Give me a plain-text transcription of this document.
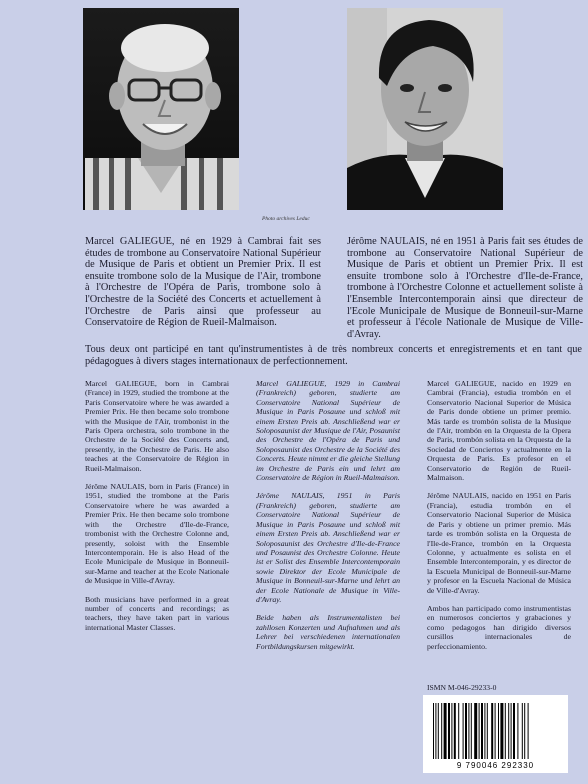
Photo archives Leduc
Marcel GALIEGUE, né en 1929 à Cambrai fait ses études de trombone au Conservatoire National Supérieur de Musique de Paris et obtient un Premier Prix. Il est ensuite trombone solo de la Musique de l'Air, trombone à l'Orchestre de l'Opéra de Paris, trombone solo à l'Orchestre de la Société des Concerts et actuellement à l'Orchestre de Paris ainsi que professeur au Conservatoire de Région de Rueil-Malmaison.
Jérôme NAULAIS, né en 1951 à Paris fait ses études de trombone au Conservatoire National Supérieur de Musique de Paris et obtient un Premier Prix. Il est ensuite trombone solo à l'Orchestre d'Ile-de-France, trombone à l'Orchestre Colonne et actuellement soliste à l'Ensemble Intercontemporain ainsi que directeur de l'Ecole Municipale de Musique de Bonneuil-sur-Marne et professeur à l'école Nationale de Musique de Ville-d'Avray.
Tous deux ont participé en tant qu'instrumentistes à de très nombreux concerts et enregistrements et en tant que pédagogues à divers stages internationaux de perfectionnement.

Marcel GALIEGUE, born in Cambrai (France) in 1929, studied the trombone at the Paris Conservatoire where he was awarded a Premier Prix. He then became solo trombone with the Musique de l'Air, trombonist in the Paris Opera orchestra, solo trombone in the Orchestre de la Société des Concerts and, presently, in the Orchestre de Paris. He also teaches at the Conservatoire de Région in Rueil-Malmaison.

Jérôme NAULAIS, born in Paris (France) in 1951, studied the trombone at the Paris Conservatoire where he was awarded a Premier Prix. He then became solo trombone with the Orchestre d'Ile-de-France, trombonist with the Orchestre Colonne and, presently, soloist with the Ensemble Intercontemporain. He is also Head of the Ecole Municipale de Musique in Bonneuil-sur-Marne and teacher at the Ecole Nationale de Musique in Ville-d'Avray.

Both musicians have performed in a great number of concerts and recordings; as teachers, they have taken part in various international Master Classes.

Marcel GALIEGUE, 1929 in Cambrai (Frankreich) geboren, studierte am Conservatoire National Supérieur de Musique in Paris Posaune und schloß mit einem Ersten Preis ab. Anschließend war er Soloposaunist der Musique de l'Air, Posaunist des Orchestre de l'Opéra de Paris und Soloposaunist des Orchestre de la Société des Concerts. Heute nimmt er die gleiche Stellung im Orchestre de Paris ein und lehrt am Conservatoire de Région in Rueil-Malmaison.

Jérôme NAULAIS, 1951 in Paris (Frankreich) geboren, studierte am Conservatoire National Supérieur de Musique in Paris Posaune und schloß mit einem Ersten Preis ab. Anschließend war er Soloposaunist des Orchestre d'Ile-de-France und Posaunist des Orchestre Colonne. Heute ist er Solist des Ensemble Intercontemporain sowie Direktor der Ecole Municipale de Musique in Bonneuil-sur-Marne und lehrt an der Ecole Nationale de Musique in Ville-d'Avray.

Beide haben als Instrumentalisten bei zahllosen Konzerten und Aufnahmen und als Lehrer bei verschiedenen internationalen Fortbildungskursen mitgewirkt.

Marcel GALIEGUE, nacido en 1929 en Cambrai (Francia), estudia trombón en el Conservatorio Nacional Superior de Música de Paris donde obtiene un primer premio. Más tarde es trombón solista de la Musique de l'Air, trombón en la Orquesta de la Opera de Paris, trombón solista en la Orquesta de la Sociedad de Conciertos y actualmente en la Orquesta de Paris. Es profesor en el Conservatorio de Región de Rueil-Malmaison.

Jérôme NAULAIS, nacido en 1951 en Paris (Francia), estudia trombón en el Conservatorio Nacional Superior de Música de Paris y obtiene un primer premio. Más tarde es trombón solista en la Orquesta de l'Ile-de-France, trombón en la Orquesta Colonne, y actualmente es solista en el Ensemble Intercontemporain, y es director de la Escuela Municipal de Bonneuil-sur-Marne y profesor en la Escuela Nacional de Música de Ville-d'Avray.

Ambos han participado como instrumentistas en numerosos conciertos y grabaciones y como pedagogos han dirigido diversos cursillos internacionales de perfeccionamiento.

ISMN M-046-29233-0
9 790046 292330
